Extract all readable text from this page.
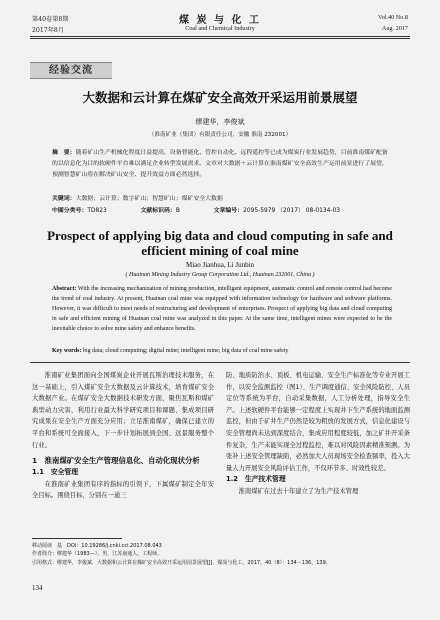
第40卷第8期
2017年8月
煤 炭 与 化 工
Coal and Chemical Industry
Vol.40 No.8
Aug. 2017
经验交流
大数据和云计算在煤矿安全高效开采运用前景展望
缪建华，李俊斌
（淮南矿业（集团）有限责任公司，安徽 淮南 232001）
摘　要：随着矿山生产机械化程度日益提高，设备智能化、管控自动化、远程遥控等已成为煤炭行业发展趋势，目前淮南煤矿配备的以信息化为目的软硬件平台难以满足企业转型发展需求。文章对大数据＋云计算在淮南煤矿安全高效生产运用前景进行了展望，预测智慧矿山将在解决矿山安全、提升效益方面必然选择。
关键词：大数据；云计算；数字矿山；智慧矿山；煤矿安全大数据
中图分类号：TD823	文献标识码：B	文章编号：2095-5979 （2017） 08-0134-03
Prospect of applying big data and cloud computing in safe and efficient mining of coal mine
Miao Jianhua, Li Junbin
( Huainan Mining Industry Group Corporation Ltd., Huainan 232001, China )
Abstract: With the increasing mechanization of mining production, intelligent equipment, automatic control and remote control had become the trend of coal industry. At present, Huainan coal mine was equipped with information technology for hardware and software platforms. However, it was difficult to meet needs of restructuring and development of enterprises. Prospect of applying big data and cloud computing in safe and efficient mining of Huainan coal mine was analyzed in this paper. At the same time, intelligent mines were expected to be the inevitable choice to solve mine safety and enhance benefits.
Key words: big data; cloud computing; digital mine; intelligent mine; big data of coal mine safety

淮南矿业集团面向全国煤炭企业开展瓦斯治理技术服务，在这一基础上，引入煤矿安全大数据及云计算技术，培育煤矿安全大数据产业。在煤矿安全大数据技术研发方面，聚焦瓦斯和煤矿典型动力灾害，利用行业最大科学研究项目和课题、集成项目研究成果在安全生产方面充分应用；立足淮南煤矿，确保已建立的平台和系统可全面接入，下一步计划拓展到全国、远景服务整个行业。

1　淮南煤矿安全生产管理信息化、自动化现状分析
1.1　安全管理

在淮南矿业集团有序的指标的引领下，下属煤矿制定全年安全目标。围绕目标，分别在一通三

防、地质防治水、顶板、机电运输、安全生产标准化等专业开展工作，以安全监测监控（图1）、生产调度通信、安全风险防控、人员定位等系统为平台，自动采集数据，人工分析处理，指导安全生产。上述软硬件平台能够一定程度上实现井下生产系统的地面监测监控，但由于矿井生产仍然是较为粗放的发展方式，信息化建设与安全管理尚未达到深度结合，集成应用程度较低，加之矿井开采条件复杂，生产未能实现全过程监控，难以对风险因素精准预测。为张补上述安全管理缺陷，必然加大人员现场安全检查频率，投入大量人力开展安全风险评估工作，不仅环节多、时效性较差。

1.2　生产技术管理

淮南煤矿在过去十年建立了为生产技术管理

移动阅读　基　DOI：10.19286/j.cnki.cci.2017.08.043
作者简介：缪建华（1983—），男，江苏南通人，工程师。
引用格式：缪建华，李俊斌．大数据和云计算在煤矿安全高效开采运用前景展望[J]．煤炭与化工，2017，40（8）：134－136，139.
134
